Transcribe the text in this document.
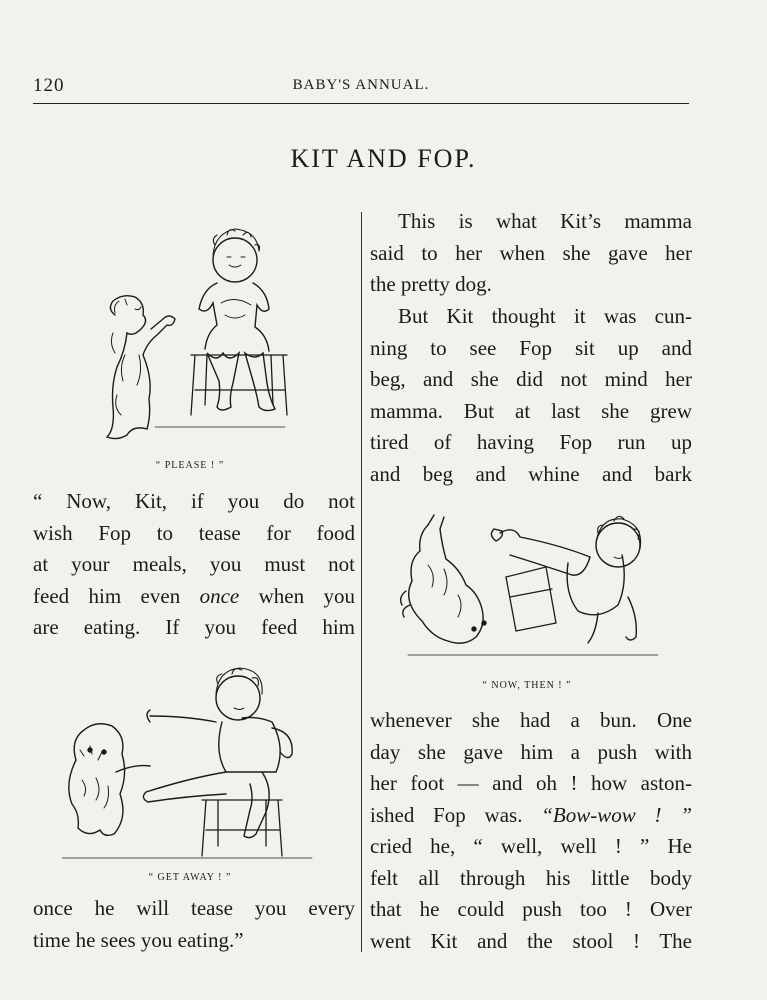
120	BABY'S ANNUAL.
KIT AND FOP.
“ PLEASE ! ”
“ Now, Kit, if you do not
wish Fop to tease for food
at your meals, you must not
feed him even once when you
are eating. If you feed him
“ GET AWAY ! ”
once he will tease you every
time he sees you eating.”
This is what Kit’s mamma
said to her when she gave her
the pretty dog.
But Kit thought it was cun-
ning to see Fop sit up and
beg, and she did not mind her
mamma. But at last she grew
tired of having Fop run up
and beg and whine and bark
“ NOW, THEN ! ”
whenever she had a bun. One
day she gave him a push with
her foot — and oh ! how aston-
ished Fop was. “Bow-wow ! ”
cried he, “ well, well ! ” He
felt all through his little body
that he could push too ! Over
went Kit and the stool ! The
